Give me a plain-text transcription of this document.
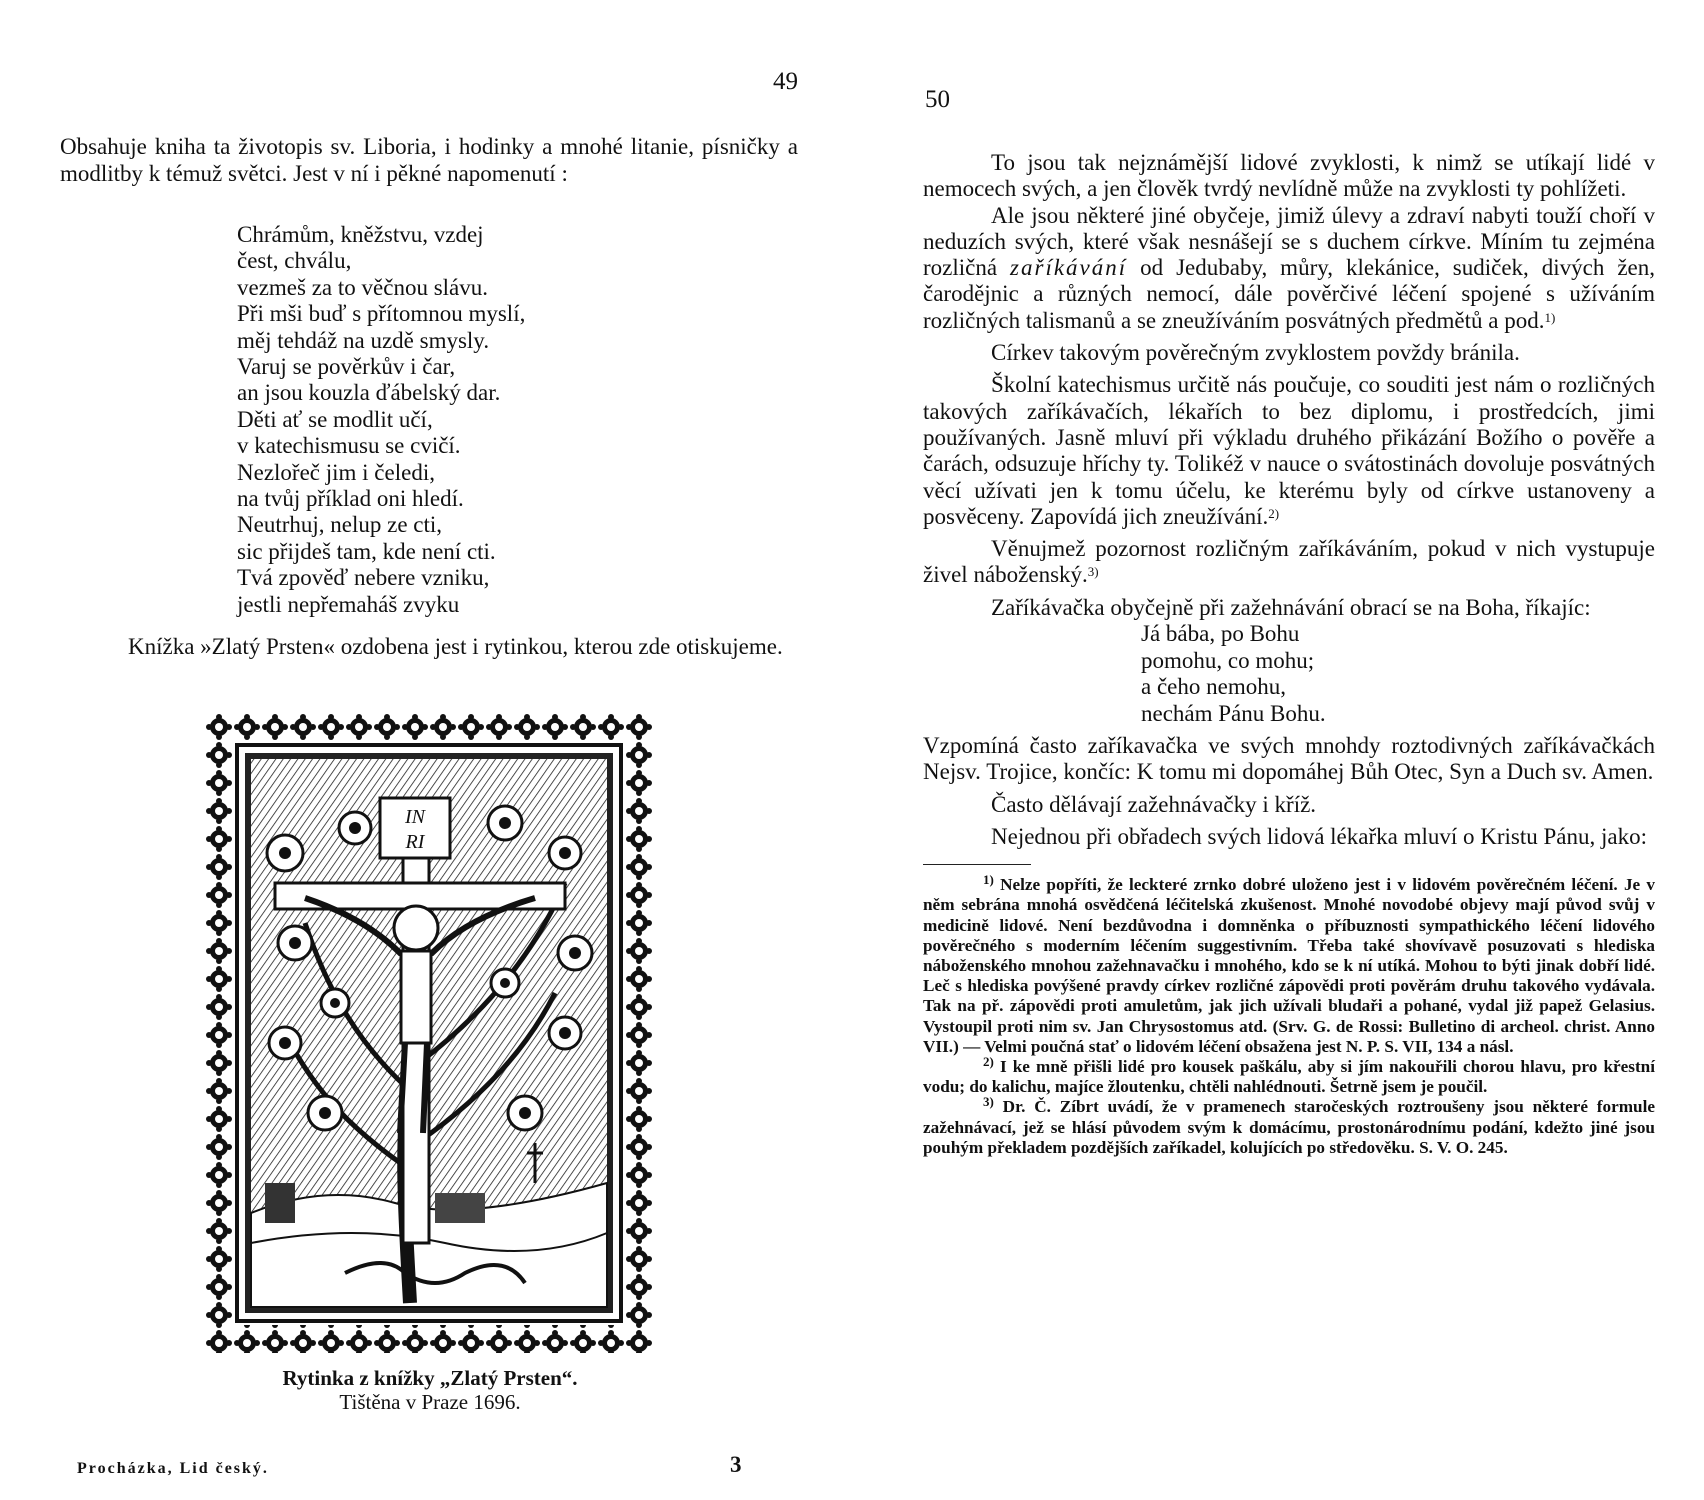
49

Obsahuje kniha ta životopis sv. Liboria, i hodinky a mnohé litanie, písničky a modlitby k témuž světci. Jest v ní i pěkné napomenutí :

Chrámům, kněžstvu, vzdej
čest, chválu,
vezmeš za to věčnou slávu.
Při mši buď s přítomnou myslí,
měj tehdáž na uzdě smysly.
Varuj se pověrkův i čar,
an jsou kouzla ďábelský dar.
Děti ať se modlit učí,
v katechismusu se cvičí.
Nezlořeč jim i čeledi,
na tvůj příklad oni hledí.
Neutrhuj, nelup ze cti,
sic přijdeš tam, kde není cti.
Tvá zpověď nebere vzniku,
jestli nepřemaháš zvyku

Knížka »Zlatý Prsten« ozdobena jest i rytinkou, kterou zde otiskujeme.

IN
RI
Rytinka z knížky „Zlatý Prsten“.
Tištěna v Praze 1696.
Procházka, Lid český.	3
50

To jsou tak nejznámější lidové zvyklosti, k nimž se utíkají lidé v nemocech svých, a jen člověk tvrdý nevlídně může na zvyklosti ty pohlížeti.

Ale jsou některé jiné obyčeje, jimiž úlevy a zdraví nabyti touží choří v neduzích svých, které však nesnášejí se s duchem církve. Míním tu zejména rozličná zaříkávání od Jedubaby, můry, klekánice, sudiček, divých žen, čarodějnic a různých nemocí, dále pověrčivé léčení spojené s užíváním rozličných talismanů a se zneužíváním posvátných předmětů a pod.$^{1)}$

Církev takovým pověrečným zvyklostem povždy bránila.

Školní katechismus určitě nás poučuje, co souditi jest nám o rozličných takových zaříkávačích, lékařích to bez diplomu, i prostředcích, jimi používaných. Jasně mluví při výkladu druhého přikázání Božího o pověře a čarách, odsuzuje hříchy ty. Tolikéž v nauce o svátostinách dovoluje posvátných věcí užívati jen k tomu účelu, ke kterému byly od církve ustanoveny a posvěceny. Zapovídá jich zneužívání.$^{2)}$

Věnujmež pozornost rozličným zaříkáváním, pokud v nich vystupuje živel náboženský.$^{3)}$

Zaříkávačka obyčejně při zažehnávání obrací se na Boha, říkajíc:

Já bába, po Bohu
pomohu, co mohu;
a čeho nemohu,
nechám Pánu Bohu.

Vzpomíná často zaříkavačka ve svých mnohdy roztodivných zaříkávačkách Nejsv. Trojice, končíc: K tomu mi dopomáhej Bůh Otec, Syn a Duch sv. Amen.

Často dělávají zažehnávačky i kříž.

Nejednou při obřadech svých lidová lékařka mluví o Kristu Pánu, jako:

$^{1)}$ Nelze popříti, že leckteré zrnko dobré uloženo jest i v lidovém pověrečném léčení. Je v něm sebrána mnohá osvědčená léčitelská zkušenost. Mnohé novodobé objevy mají původ svůj v medicině lidové. Není bezdůvodna i domněnka o příbuznosti sympathického léčení lidového pověrečného s moderním léčením suggestivním. Třeba také shovívavě posuzovati s hlediska náboženského mnohou zažehnavačku i mnohého, kdo se k ní utíká. Mohou to býti jinak dobří lidé. Leč s hlediska povýšené pravdy církev rozličné zápovědi proti pověrám druhu takového vydávala. Tak na př. zápovědi proti amuletům, jak jich užívali bludaři a pohané, vydal již papež Gelasius. Vystoupil proti nim sv. Jan Chrysostomus atd. (Srv. G. de Rossi: Bulletino di archeol. christ. Anno VII.) — Velmi poučná stať o lidovém léčení obsažena jest N. P. S. VII, 134 a násl.

$^{2)}$ I ke mně přišli lidé pro kousek paškálu, aby si jím nakouřili chorou hlavu, pro křestní vodu; do kalichu, majíce žloutenku, chtěli nahlédnouti. Šetrně jsem je poučil.

$^{3)}$ Dr. Č. Zíbrt uvádí, že v pramenech staročeských roztroušeny jsou některé formule zažehnávací, jež se hlásí původem svým k domácímu, prostonárodnímu podání, kdežto jiné jsou pouhým překladem pozdějších zaříkadel, kolujících po středověku. S. V. O. 245.
